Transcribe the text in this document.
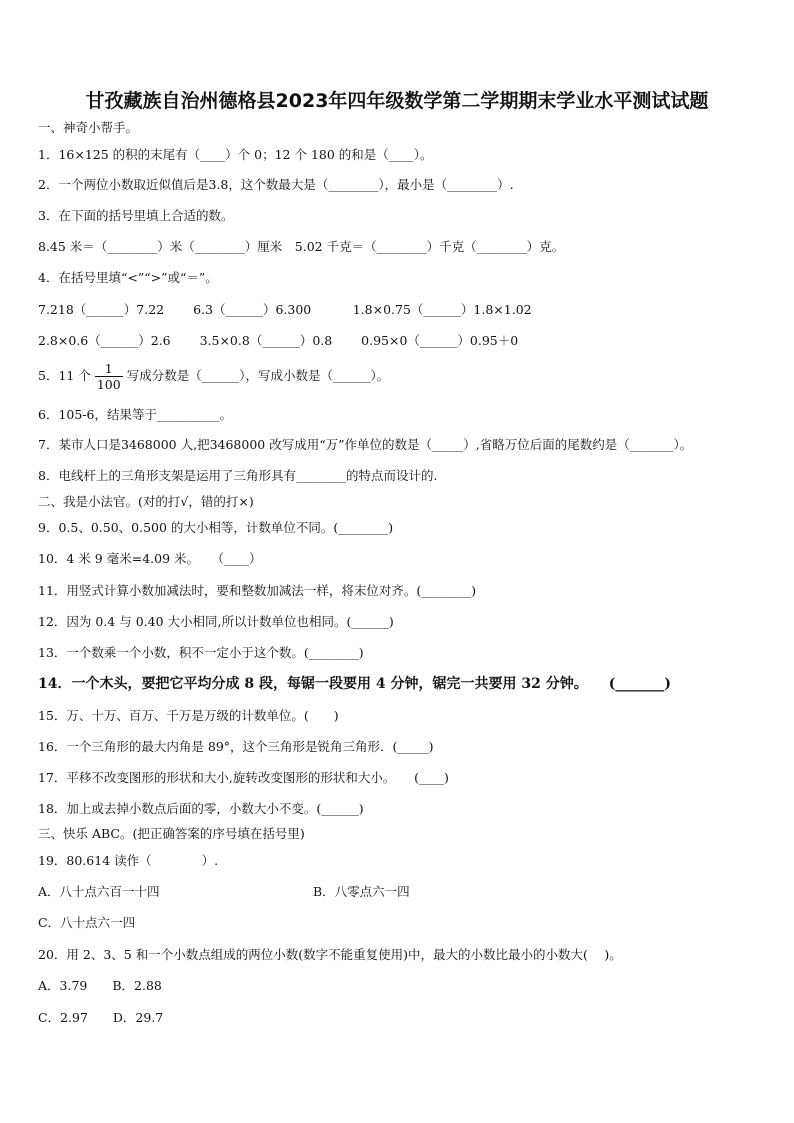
甘孜藏族自治州德格县2023年四年级数学第二学期期末学业水平测试试题
一、神奇小帮手。
1．16×125 的积的末尾有（____）个 0；12 个 180 的和是（____）。
2．一个两位小数取近似值后是3.8，这个数最大是（________），最小是（________）.
3．在下面的括号里填上合适的数。
8.45 米＝（________）米（________）厘米　5.02 千克＝（________）千克（________）克。
4．在括号里填“<”“>”或“＝”。
7.218（______）7.22　　 6.3（______）6.300　　　 1.8×0.75（______）1.8×1.02
2.8×0.6（______）2.6　　 3.5×0.8（______）0.8　　 0.95×0（______）0.95＋0
5．11 个 $\frac{1}{100}$ 写成分数是（______），写成小数是（______）。
6．105-6，结果等于__________。
7．某市人口是3468000 人,把3468000 改写成用“万”作单位的数是（_____）,省略万位后面的尾数约是（_______）。
8．电线杆上的三角形支架是运用了三角形具有________的特点而设计的.
二、我是小法官。(对的打√，错的打×)
9．0.5、0.50、0.500 的大小相等，计数单位不同。(________)
10．4 米 9 毫米=4.09 米。　　（____）
11．用竖式计算小数加减法时，要和整数加减法一样，将末位对齐。(________)
12．因为 0.4 与 0.40 大小相同,所以计数单位也相同。(______)
13．一个数乘一个小数，积不一定小于这个数。(________)
14．一个木头，要把它平均分成 8 段，每锯一段要用 4 分钟，锯完一共要用 32 分钟。　　(_______)
15．万、十万、百万、千万是万级的计数单位。(　　)
16．一个三角形的最大内角是 89°，这个三角形是锐角三角形．(_____)
17．平移不改变图形的形状和大小,旋转改变图形的形状和大小。　　(____)
18．加上或去掉小数点后面的零，小数大小不变。(______)
三、快乐 ABC。(把正确答案的序号填在括号里)
19．80.614 读作（　　　　）.
A．八十点六百一十四	B．八零点六一四
C．八十点六一四
20．用 2、3、5 和一个小数点组成的两位小数(数字不能重复使用)中，最大的小数比最小的小数大(　 )。
A．3.79　　B．2.88
C．2.97　　D．29.7
